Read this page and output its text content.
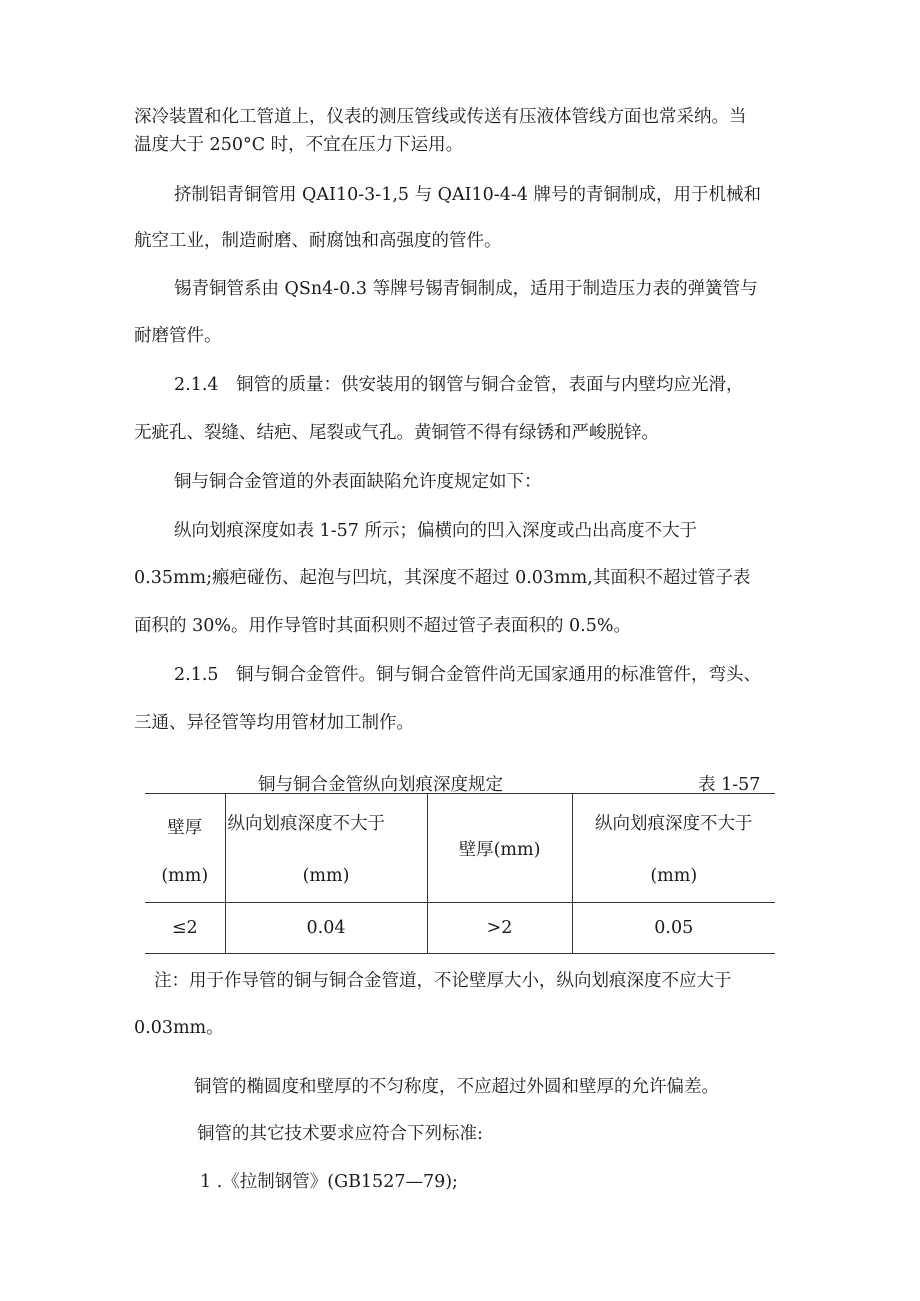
深冷装置和化工管道上，仪表的测压管线或传送有压液体管线方面也常采纳。当

温度大于 250°C 时，不宜在压力下运用。

挤制铝青铜管用 QAI10-3-1,5 与 QAI10-4-4 牌号的青铜制成，用于机械和

航空工业，制造耐磨、耐腐蚀和高强度的管件。

锡青铜管系由 QSn4-0.3 等牌号锡青铜制成，适用于制造压力表的弹簧管与

耐磨管件。

2.1.4　铜管的质量：供安装用的钢管与铜合金管，表面与内壁均应光滑，

无疵孔、裂缝、结疤、尾裂或气孔。黄铜管不得有绿锈和严峻脱锌。

铜与铜合金管道的外表面缺陷允许度规定如下：

纵向划痕深度如表 1-57 所示；偏横向的凹入深度或凸出高度不大于

0.35mm;瘢疤碰伤、起泡与凹坑，其深度不超过 0.03mm,其面积不超过管子表

面积的 30%。用作导管时其面积则不超过管子表面积的 0.5%。

2.1.5　铜与铜合金管件。铜与铜合金管件尚无国家通用的标准管件，弯头、

三通、异径管等均用管材加工制作。

铜与铜合金管纵向划痕深度规定	表 1-57
壁厚	纵向划痕深度不大于	壁厚(mm)	纵向划痕深度不大于
(mm)	(mm)		(mm)
≤2	0.04	>2	0.05

注：用于作导管的铜与铜合金管道，不论壁厚大小，纵向划痕深度不应大于

0.03mm。

铜管的椭圆度和壁厚的不匀称度，不应超过外圆和壁厚的允许偏差。

铜管的其它技术要求应符合下列标准:

1 .《拉制钢管》(GB1527—79);
